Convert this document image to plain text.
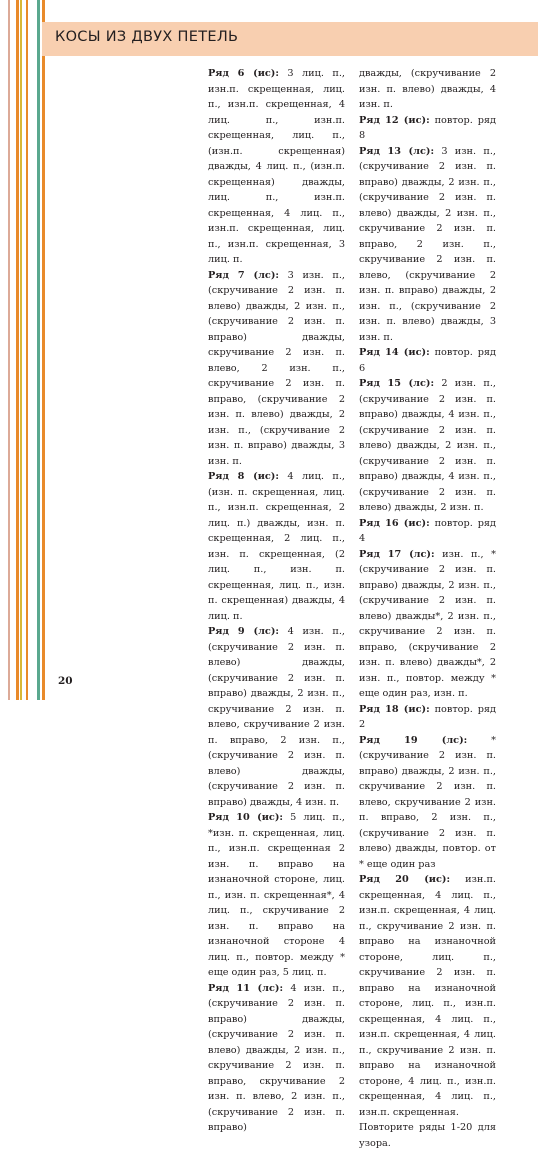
КОСЫ ИЗ ДВУХ ПЕТЕЛЬ

Ряд 6 (ис): 3 лиц. п., изн.п. скрещенная, лиц. п., изн.п. скрещенная, 4 лиц. п., изн.п. скрещенная, лиц. п., (изн.п. скрещенная) дважды, 4 лиц. п., (изн.п. скрещенная) дважды, лиц. п., изн.п. скрещенная, 4 лиц. п., изн.п. скрещенная, лиц. п., изн.п. скрещенная, 3 лиц. п.

Ряд 7 (лс): 3 изн. п., (скручивание 2 изн. п. влево) дважды, 2 изн. п., (скручивание 2 изн. п. вправо) дважды, скручивание 2 изн. п. влево, 2 изн. п., скручивание 2 изн. п. вправо, (скручивание 2 изн. п. влево) дважды, 2 изн. п., (скручивание 2 изн. п. вправо) дважды, 3 изн. п.

Ряд 8 (ис): 4 лиц. п., (изн. п. скрещенная, лиц. п., изн.п. скрещенная, 2 лиц. п.) дважды, изн. п. скрещенная, 2 лиц. п., изн. п. скрещенная, (2 лиц. п., изн. п. скрещенная, лиц. п., изн. п. скрещенная) дважды, 4 лиц. п.

Ряд 9 (лс): 4 изн. п., (скручивание 2 изн. п. влево) дважды, (скручивание 2 изн. п. вправо) дважды, 2 изн. п., скручивание 2 изн. п. влево, скручивание 2 изн. п. вправо, 2 изн. п., (скручивание 2 изн. п. влево) дважды, (скручивание 2 изн. п. вправо) дважды, 4 изн. п.

Ряд 10 (ис): 5 лиц. п., *изн. п. скрещенная, лиц. п., изн.п. скрещенная 2 изн. п. вправо на изнаночной стороне, лиц. п., изн. п. скрещенная*, 4 лиц. п., скручивание 2 изн. п. вправо на изнаночной стороне 4 лиц. п., повтор. между * еще один раз, 5 лиц. п.

Ряд 11 (лс): 4 изн. п., (скручивание 2 изн. п. вправо) дважды, (скручивание 2 изн. п. влево) дважды, 2 изн. п., скручивание 2 изн. п. вправо, скручивание 2 изн. п. влево, 2 изн. п., (скручивание 2 изн. п. вправо)

дважды, (скручивание 2 изн. п. влево) дважды, 4 изн. п.

Ряд 12 (ис): повтор. ряд 8

Ряд 13 (лс): 3 изн. п., (скручивание 2 изн. п. вправо) дважды, 2 изн. п., (скручивание 2 изн. п. влево) дважды, 2 изн. п., скручивание 2 изн. п. вправо, 2 изн. п., скручивание 2 изн. п. влево, (скручивание 2 изн. п. вправо) дважды, 2 изн. п., (скручивание 2 изн. п. влево) дважды, 3 изн. п.

Ряд 14 (ис): повтор. ряд 6

Ряд 15 (лс): 2 изн. п., (скручивание 2 изн. п. вправо) дважды, 4 изн. п., (скручивание 2 изн. п. влево) дважды, 2 изн. п., (скручивание 2 изн. п. вправо) дважды, 4 изн. п., (скручивание 2 изн. п. влево) дважды, 2 изн. п.

Ряд 16 (ис): повтор. ряд 4

Ряд 17 (лс): изн. п., *(скручивание 2 изн. п. вправо) дважды, 2 изн. п., (скручивание 2 изн. п. влево) дважды*, 2 изн. п., скручивание 2 изн. п. вправо, (скручивание 2 изн. п. влево) дважды*, 2 изн. п., повтор. между * еще один раз, изн. п.

Ряд 18 (ис): повтор. ряд 2

Ряд 19 (лс): *(скручивание 2 изн. п. вправо) дважды, 2 изн. п., скручивание 2 изн. п. влево, скручивание 2 изн. п. вправо, 2 изн. п., (скручивание 2 изн. п. влево) дважды, повтор. от * еще один раз

Ряд 20 (ис): изн.п. скрещенная, 4 лиц. п., изн.п. скрещенная, 4 лиц. п., скручивание 2 изн. п. вправо на изнаночной стороне, лиц. п., скручивание 2 изн. п. вправо на изнаночной стороне, лиц. п., изн.п. скрещенная, 4 лиц. п., изн.п. скрещенная, 4 лиц. п., скручивание 2 изн. п. вправо на изнаночной стороне, 4 лиц. п., изн.п. скрещенная, 4 лиц. п., изн.п. скрещенная.

Повторите ряды 1-20 для узора.

20
